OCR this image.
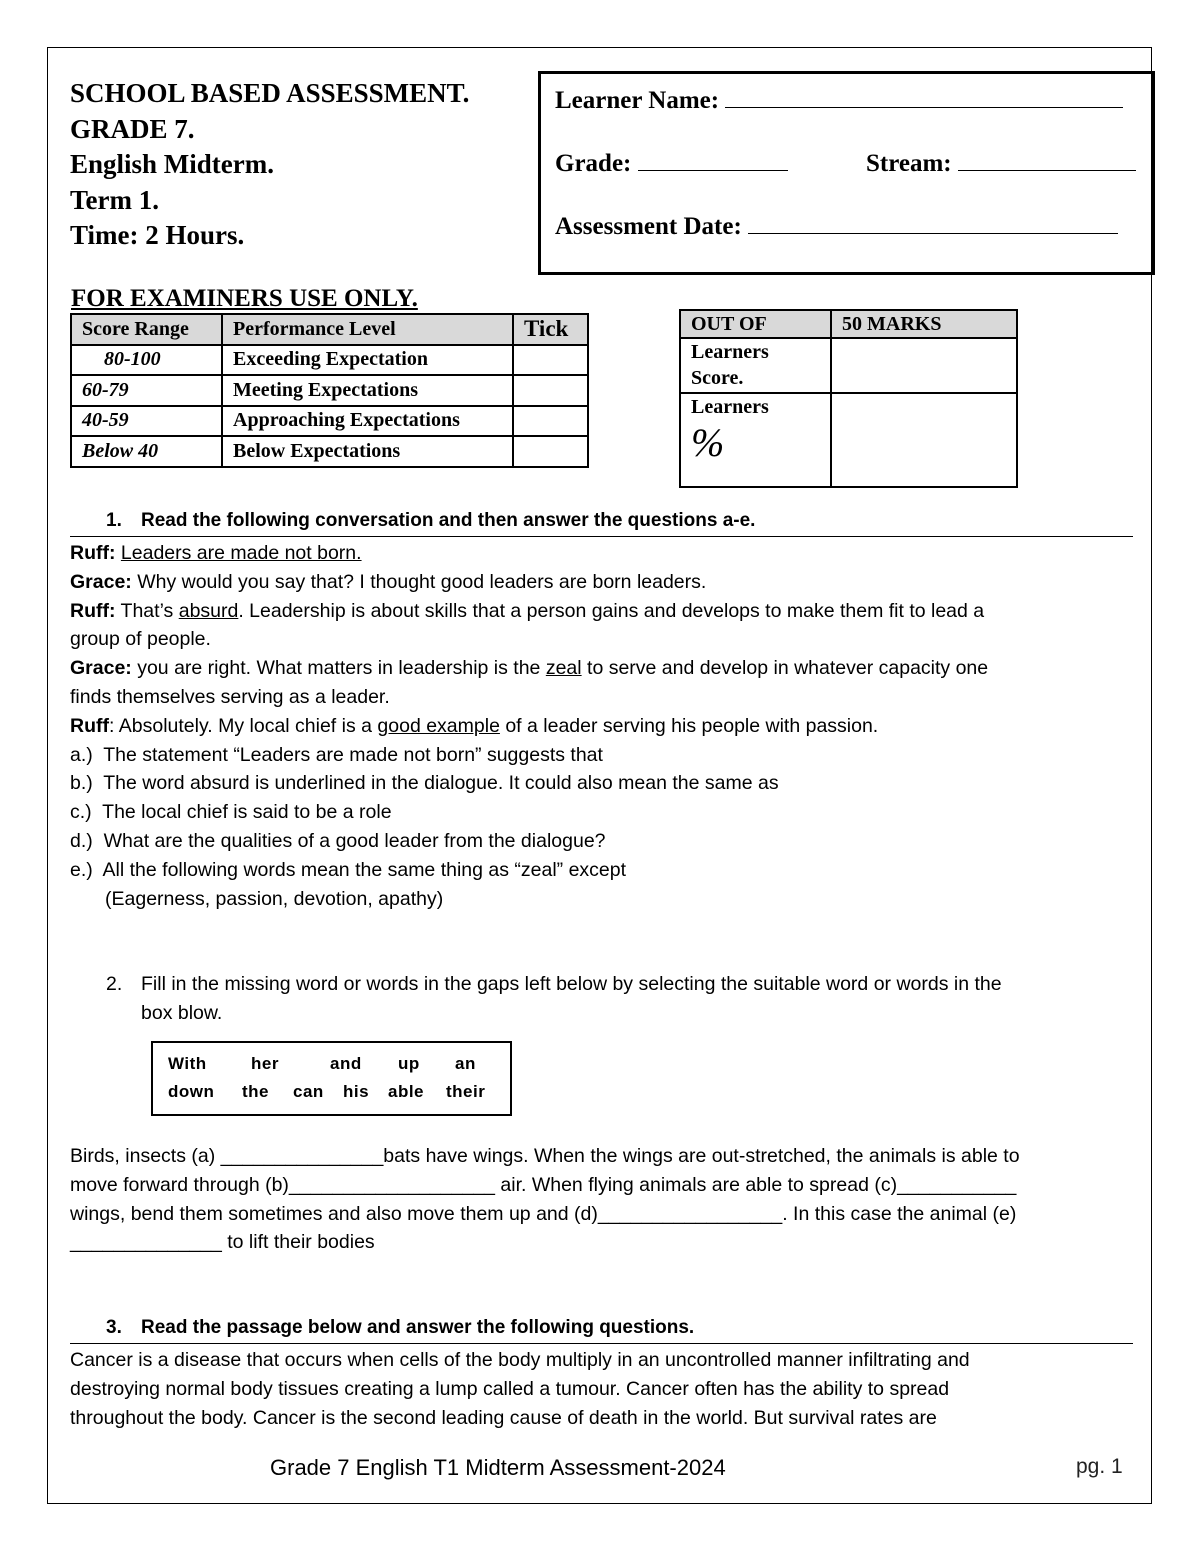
SCHOOL BASED ASSESSMENT.
GRADE 7.
English Midterm.
Term 1.
Time: 2 Hours.
Learner Name:
Grade:	Stream:
Assessment Date:
FOR EXAMINERS USE ONLY.
Score Range	Performance Level	Tick
80-100	Exceeding Expectation	
60-79	Meeting Expectations	
40-59	Approaching Expectations	
Below 40	Below Expectations	
OUT OF	50 MARKS

Learners
Score.	

Learners
%	

1. Read the following conversation and then answer the questions a-e.

Ruff: Leaders are made not born.

Grace: Why would you say that? I thought good leaders are born leaders.

Ruff: That’s absurd. Leadership is about skills that a person gains and develops to make them fit to lead a

group of people.

Grace: you are right. What matters in leadership is the zeal to serve and develop in whatever capacity one

finds themselves serving as a leader.

Ruff: Absolutely. My local chief is a good example of a leader serving his people with passion.

a.) The statement “Leaders are made not born” suggests that

b.) The word absurd is underlined in the dialogue. It could also mean the same as

c.) The local chief is said to be a role

d.) What are the qualities of a good leader from the dialogue?

e.) All the following words mean the same thing as “zeal” except

(Eagerness, passion, devotion, apathy)

2. Fill in the missing word or words in the gaps left below by selecting the suitable word or words in the

box blow.

With	her	and up an
down the can his able their

Birds, insects (a) _______________bats have wings. When the wings are out-stretched, the animals is able to

move forward through (b)___________________ air. When flying animals are able to spread (c)___________

wings, bend them sometimes and also move them up and (d)_________________. In this case the animal (e)

______________ to lift their bodies

3. Read the passage below and answer the following questions.

Cancer is a disease that occurs when cells of the body multiply in an uncontrolled manner infiltrating and

destroying normal body tissues creating a lump called a tumour. Cancer often has the ability to spread

throughout the body. Cancer is the second leading cause of death in the world. But survival rates are

Grade 7 English T1 Midterm Assessment-2024	pg. 1
